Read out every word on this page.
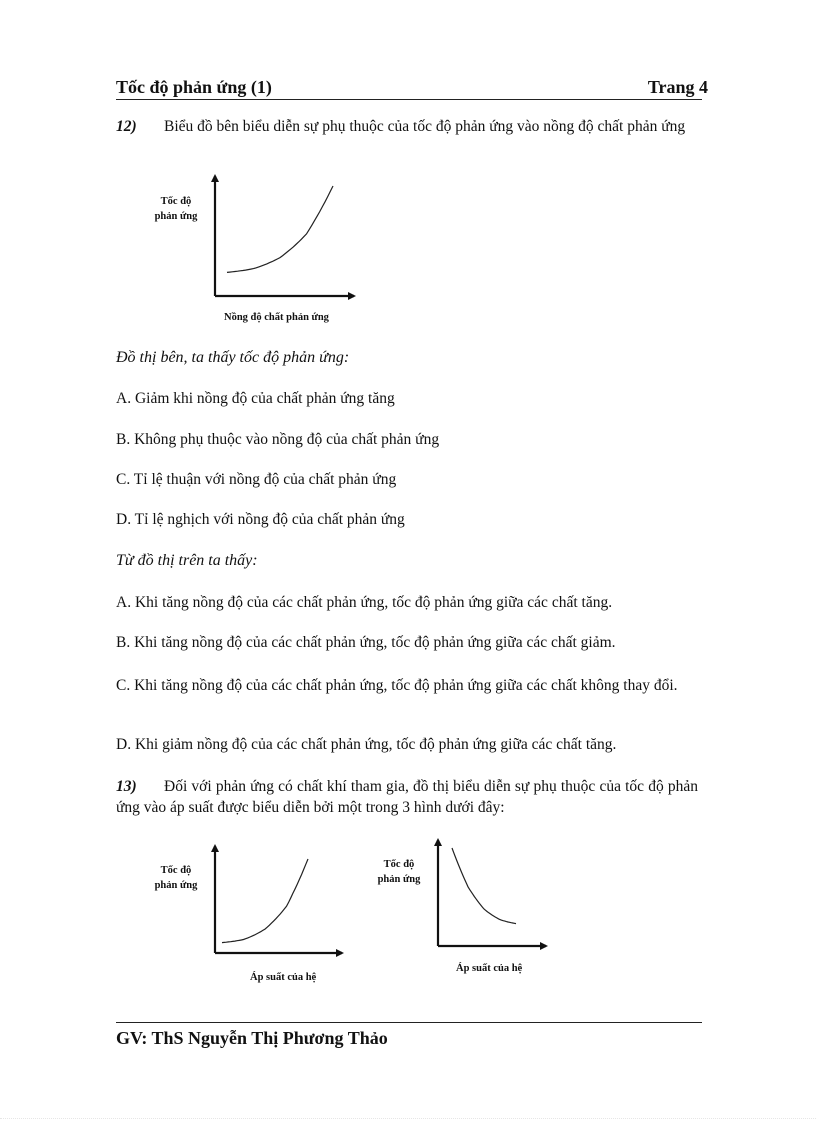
Tốc độ phản ứng (1)	Trang 4
12) Biểu đồ bên biểu diễn sự phụ thuộc của tốc độ phản ứng vào nồng độ chất phản ứng
Tốc độ
phản ứng
Nồng độ chất phản ứng
Đồ thị bên, ta thấy tốc độ phản ứng:
A. Giảm khi nồng độ của chất phản ứng tăng
B. Không phụ thuộc vào nồng độ của chất phản ứng
C. Tỉ lệ thuận với nồng độ của chất phản ứng
D. Tỉ lệ nghịch với nồng độ của chất phản ứng
Từ đồ thị trên ta thấy:
A. Khi tăng nồng độ của các chất phản ứng, tốc độ phản ứng giữa các chất tăng.
B. Khi tăng nồng độ của các chất phản ứng, tốc độ phản ứng giữa các chất giảm.
C. Khi tăng nồng độ của các chất phản ứng, tốc độ phản ứng giữa các chất không thay đổi.
D. Khi giảm nồng độ của các chất phản ứng, tốc độ phản ứng giữa các chất tăng.
13) Đối với phản ứng có chất khí tham gia, đồ thị biểu diễn sự phụ thuộc của tốc độ phản ứng vào áp suất được biểu diễn bởi một trong 3 hình dưới đây:
Tốc độ
phản ứng
Áp suất của hệ
Tốc độ
phản ứng
Áp suất của hệ
GV: ThS Nguyễn Thị Phương Thảo
